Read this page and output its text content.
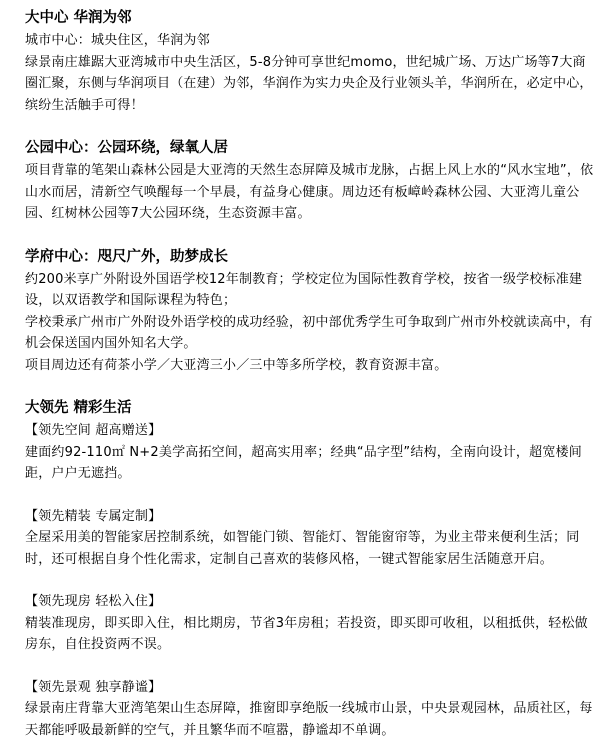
大中心 华润为邻

城市中心：城央住区，华润为邻

绿景南庄雄踞大亚湾城市中央生活区，5-8分钟可享世纪momo，世纪城广场、万达广场等7大商圈汇聚，东侧与华润项目（在建）为邻，华润作为实力央企及行业领头羊，华润所在，必定中心，缤纷生活触手可得！

公园中心：公园环绕，绿氧人居

项目背靠的笔架山森林公园是大亚湾的天然生态屏障及城市龙脉，占据上风上水的“风水宝地”，依山水而居，清新空气唤醒每一个早晨，有益身心健康。周边还有板嶂岭森林公园、大亚湾儿童公园、红树林公园等7大公园环绕，生态资源丰富。

学府中心：咫尺广外，助梦成长

约200米享广外附设外国语学校12年制教育；学校定位为国际性教育学校，按省一级学校标准建设，以双语教学和国际课程为特色；

学校秉承广州市广外附设外语学校的成功经验，初中部优秀学生可争取到广州市外校就读高中，有机会保送国内国外知名大学。

项目周边还有荷茶小学／大亚湾三小／三中等多所学校，教育资源丰富。

大领先 精彩生活

【领先空间 超高赠送】

建面约92-110㎡ N+2美学高拓空间，超高实用率；经典“品字型”结构，全南向设计，超宽楼间距，户户无遮挡。

【领先精装 专属定制】

全屋采用美的智能家居控制系统，如智能门锁、智能灯、智能窗帘等，为业主带来便利生活；同时，还可根据自身个性化需求，定制自己喜欢的装修风格，一键式智能家居生活随意开启。

【领先现房 轻松入住】

精装准现房，即买即入住，相比期房，节省3年房租；若投资，即买即可收租，以租抵供，轻松做房东，自住投资两不误。

【领先景观 独享静谧】

绿景南庄背靠大亚湾笔架山生态屏障，推窗即享绝版一线城市山景，中央景观园林，品质社区，每天都能呼吸最新鲜的空气，并且繁华而不喧嚣，静谧却不单调。
